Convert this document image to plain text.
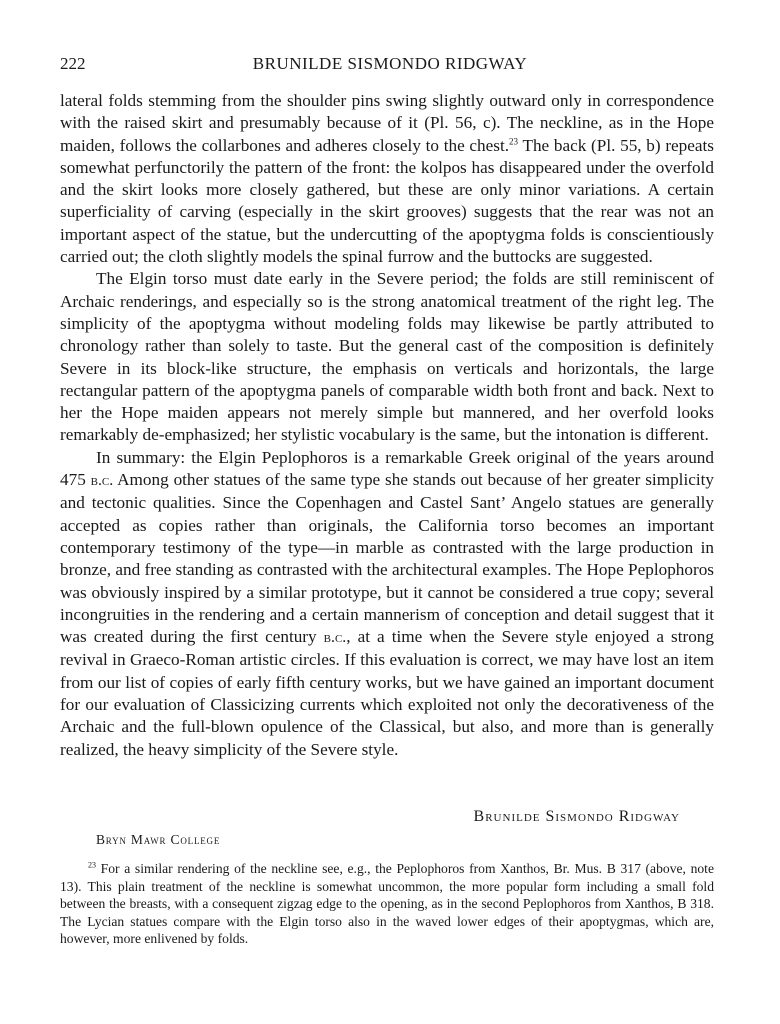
222	BRUNILDE SISMONDO RIDGWAY

lateral folds stemming from the shoulder pins swing slightly outward only in correspondence with the raised skirt and presumably because of it (Pl. 56, c). The neckline, as in the Hope maiden, follows the collarbones and adheres closely to the chest.$^{23}$ The back (Pl. 55, b) repeats somewhat perfunctorily the pattern of the front: the kolpos has disappeared under the overfold and the skirt looks more closely gathered, but these are only minor variations. A certain superficiality of carving (especially in the skirt grooves) suggests that the rear was not an important aspect of the statue, but the undercutting of the apoptygma folds is conscientiously carried out; the cloth slightly models the spinal furrow and the buttocks are suggested.

The Elgin torso must date early in the Severe period; the folds are still reminiscent of Archaic renderings, and especially so is the strong anatomical treatment of the right leg. The simplicity of the apoptygma without modeling folds may likewise be partly attributed to chronology rather than solely to taste. But the general cast of the composition is definitely Severe in its block-like structure, the emphasis on verticals and horizontals, the large rectangular pattern of the apoptygma panels of comparable width both front and back. Next to her the Hope maiden appears not merely simple but mannered, and her overfold looks remarkably de-emphasized; her stylistic vocabulary is the same, but the intonation is different.

In summary: the Elgin Peplophoros is a remarkable Greek original of the years around 475 b.c. Among other statues of the same type she stands out because of her greater simplicity and tectonic qualities. Since the Copenhagen and Castel Sant’ Angelo statues are generally accepted as copies rather than originals, the California torso becomes an important contemporary testimony of the type—in marble as contrasted with the large production in bronze, and free standing as contrasted with the architectural examples. The Hope Peplophoros was obviously inspired by a similar prototype, but it cannot be considered a true copy; several incongruities in the rendering and a certain mannerism of conception and detail suggest that it was created during the first century b.c., at a time when the Severe style enjoyed a strong revival in Graeco-Roman artistic circles. If this evaluation is correct, we may have lost an item from our list of copies of early fifth century works, but we have gained an important document for our evaluation of Classicizing currents which exploited not only the decorativeness of the Archaic and the full-blown opulence of the Classical, but also, and more than is generally realized, the heavy simplicity of the Severe style.

Brunilde Sismondo Ridgway
Bryn Mawr College

$^{23}$ For a similar rendering of the neckline see, e.g., the Peplophoros from Xanthos, Br. Mus. B 317 (above, note 13). This plain treatment of the neckline is somewhat uncommon, the more popular form including a small fold between the breasts, with a consequent zigzag edge to the opening, as in the second Peplophoros from Xanthos, B 318. The Lycian statues compare with the Elgin torso also in the waved lower edges of their apoptygmas, which are, however, more enlivened by folds.
